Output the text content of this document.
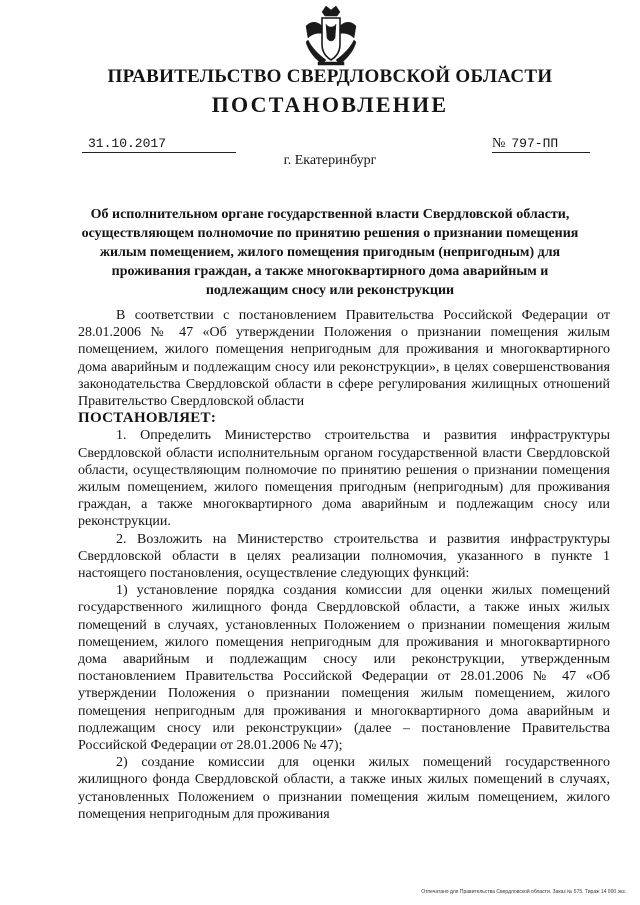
ПРАВИТЕЛЬСТВО СВЕРДЛОВСКОЙ ОБЛАСТИ
ПОСТАНОВЛЕНИЕ
31.10.2017	№ 797-ПП
г. Екатеринбург
Об исполнительном органе государственной власти Свердловской области, осуществляющем полномочие по принятию решения о признании помещения жилым помещением, жилого помещения пригодным (непригодным) для проживания граждан, а также многоквартирного дома аварийным и подлежащим сносу или реконструкции

В соответствии с постановлением Правительства Российской Федерации от 28.01.2006 № 47 «Об утверждении Положения о признании помещения жилым помещением, жилого помещения непригодным для проживания и многоквартирного дома аварийным и подлежащим сносу или реконструкции», в целях совершенствования законодательства Свердловской области в сфере регулирования жилищных отношений Правительство Свердловской области

ПОСТАНОВЛЯЕТ:

1. Определить Министерство строительства и развития инфраструктуры Свердловской области исполнительным органом государственной власти Свердловской области, осуществляющим полномочие по принятию решения о признании помещения жилым помещением, жилого помещения пригодным (непригодным) для проживания граждан, а также многоквартирного дома аварийным и подлежащим сносу или реконструкции.

2. Возложить на Министерство строительства и развития инфраструктуры Свердловской области в целях реализации полномочия, указанного в пункте 1 настоящего постановления, осуществление следующих функций:

1) установление порядка создания комиссии для оценки жилых помещений государственного жилищного фонда Свердловской области, а также иных жилых помещений в случаях, установленных Положением о признании помещения жилым помещением, жилого помещения непригодным для проживания и многоквартирного дома аварийным и подлежащим сносу или реконструкции, утвержденным постановлением Правительства Российской Федерации от 28.01.2006 № 47 «Об утверждении Положения о признании помещения жилым помещением, жилого помещения непригодным для проживания и многоквартирного дома аварийным и подлежащим сносу или реконструкции» (далее – постановление Правительства Российской Федерации от 28.01.2006 № 47);

2) создание комиссии для оценки жилых помещений государственного жилищного фонда Свердловской области, а также иных жилых помещений в случаях, установленных Положением о признании помещения жилым помещением, жилого помещения непригодным для проживания

Отпечатано для Правительства Свердловской области. Заказ № 575. Тираж 14 000 экз.
